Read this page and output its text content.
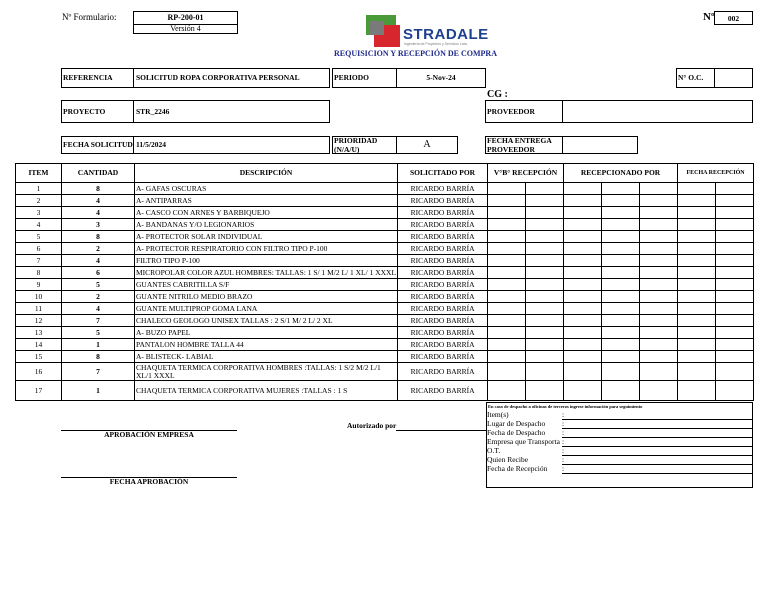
Nº Formulario:	RP-200-01
Versión 4	STRADALE
Ingeniería de Proyectos y Servicios Ltda.
REQUISICION Y RECEPCIÓN DE COMPRA
Nº	002
REFERENCIA	SOLICITUD ROPA CORPORATIVA PERSONAL	PERIODO	5-Nov-24	N° O.C.
CG :
PROYECTO	STR_2246	PROVEEDOR
FECHA SOLICITUD 11/5/2024	PRIORIDAD (N/A/U)	A	FECHA ENTREGA PROVEEDOR
ITEM	CANTIDAD	DESCRIPCIÓN	SOLICITADO POR	V°B° RECEPCIÓN		RECEPCIONADO POR			FECHA RECEPCIÓN	
1	8	A- GAFAS OSCURAS	RICARDO BARRÍA							
2	4	A- ANTIPARRAS	RICARDO BARRÍA							
3	4	A- CASCO CON ARNES Y BARBIQUEJO	RICARDO BARRÍA							
4	3	A- BANDANAS Y/O LEGIONARIOS	RICARDO BARRÍA							
5	8	A- PROTECTOR SOLAR INDIVIDUAL	RICARDO BARRÍA							
6	2	A- PROTECTOR RESPIRATORIO CON FILTRO TIPO P-100	RICARDO BARRÍA							
7	4	FILTRO TIPO P-100	RICARDO BARRÍA							
8	6	MICROPOLAR COLOR AZUL HOMBRES: TALLAS: 1 S/ 1 M/2 L/ 1 XL/ 1 XXXL	RICARDO BARRÍA							
9	5	GUANTES CABRITILLA S/F	RICARDO BARRÍA							
10	2	GUANTE NITRILO MEDIO BRAZO	RICARDO BARRÍA							
11	4	GUANTE MULTIPROP GOMA LANA	RICARDO BARRÍA							
12	7	CHALECO GEOLOGO UNISEX TALLAS : 2 S/1 M/ 2 L/ 2 XL	RICARDO BARRÍA							
13	5	A- BUZO PAPEL	RICARDO BARRÍA							
14	1	PANTALON HOMBRE TALLA 44	RICARDO BARRÍA							
15	8	A- BLISTECK- LABIAL	RICARDO BARRÍA							
16	7	CHAQUETA TERMICA CORPORATIVA HOMBRES :TALLAS: 1 S/2 M/2 L/1 XL/1 XXXL	RICARDO BARRÍA							
17	1	CHAQUETA TERMICA CORPORATIVA MUJERES :TALLAS : 1 S	RICARDO BARRÍA							
APROBACIÓN EMPRESA
FECHA APROBACIÓN
Autorizado por
En caso de despacho a oficinas de terceros ingrese información para seguimiento
Item(s)	:
Lugar de Despacho :
Fecha de Despacho :
Empresa que Transporta :
O.T.	:
Quien Recibe	:
Fecha de Recepción :
